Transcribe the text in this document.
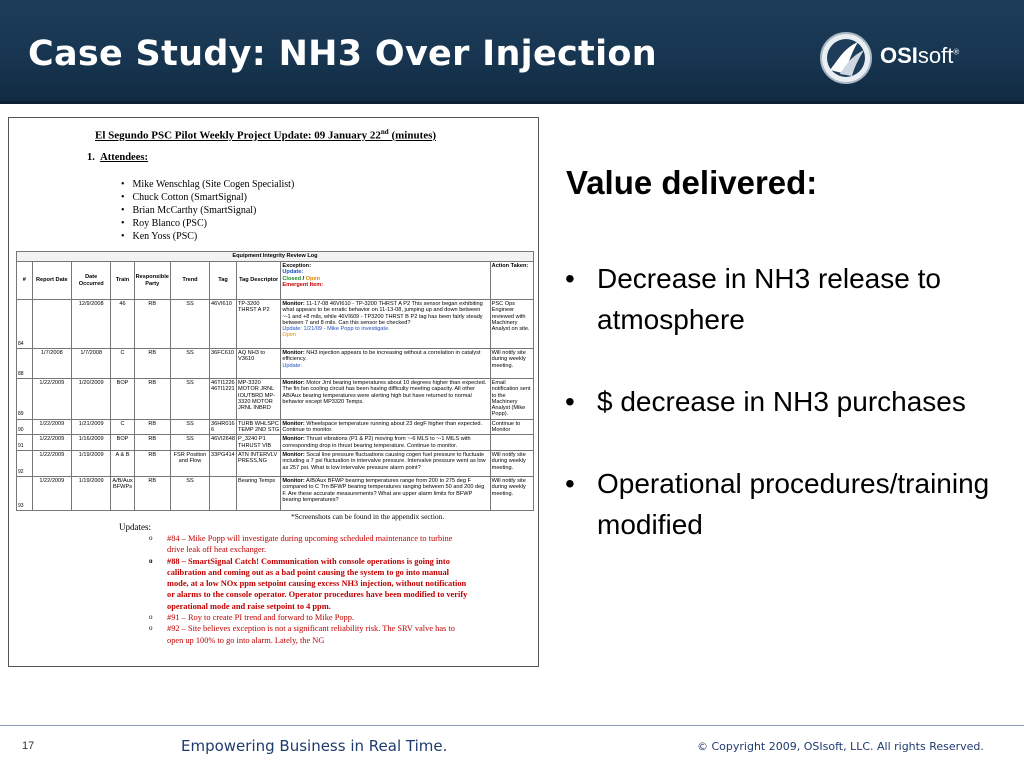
Case Study: NH3 Over Injection	OSIsoft®
El Segundo PSC Pilot Weekly Project Update: 09 January 22nd (minutes)
1. Attendees:
• Mike Wenschlag (Site Cogen Specialist)
• Chuck Cotton (SmartSignal)
• Brian McCarthy (SmartSignal)
• Roy Blanco (PSC)
• Ken Yoss (PSC)
Equipment Integrity Review Log									
#	Report Date	Date Occurred	Train	Responsible Party	Trend	Tag	Tag Descriptor	Exception:
Update:
Closed / Open
Emergent Item:	Action Taken:
84		12/9/2008	46	RB	SS	46VI610	TP-3200 THRST A P2	Monitor: 11-17-08 46VI610 - TP-3200 THRST A P2 This sensor began exhibiting what appears to be erratic behavior on 11-13-08, jumping up and down between ~-1 and +8 mils, while 46VI609 - TP3200 THRST B P2 tag has been fairly steady between 7 and 8 mils. Can this sensor be checked?
Update: 1/21/09 - Mike Popp to investigate.
Open	PSC Ops Engineer reviewed with Machinery Analyst on site.
88	1/7/2008	1/7/2008	C	RB	SS	36FC610	AQ NH3 to V3610	Monitor: NH3 injection appears to be increasing without a correlation in catalyst efficiency.
Update:	Will notify site during weekly meeting.
89	1/22/2009	1/20/2009	BOP	RB	SS	46TI1226 46TI1221	MP-3320 MOTOR JRNL IOUTBRD MP-3320 MOTOR JRNL INBRD	Monitor: Motor Jrnl bearing temperatures about 10 degrees higher than expected. The fin fan cooling circuit has been having difficulty meeting capacity. All other AB/Aux bearing temperatures were alerting high but have returned to normal behavior except MP3320 Temps.	Email notification sent to the Machinery Analyst (Mike Popp).
90	1/22/2009	1/21/2009	C	RB	SS	36HR016 6	TURB WHLSPC TEMP 2ND STG	Monitor: Wheelspace temperature running about 23 degF higher than expected. Continue to monitor.	Continue to Monitor
91	1/22/2009	1/16/2009	BOP	RB	SS	46VI2648	P_3240 P1 THRUST VIB	Monitor: Thrust vibrations (P1 & P2) moving from ~-6 MLS to ~-1 MILS with corresponding drop in thrust bearing temperature. Continue to monitor.	
92	1/22/2009	1/19/2009	A & B	RB	FSR Position and Flow	33PG414	ATN INTERVLV PRESS,NG	Monitor: Socal line pressure fluctuations causing cogen fuel pressure to fluctuate including a 7 psi fluctuation in intervalve pressure. Intervalve pressure went as low as 257 psi. What is low intervalve pressure alarm point?	Will notify site during weekly meeting.
93	1/22/2009	1/19/2009	A/B/Aux BFWPs	RB	SS		Bearing Temps	Monitor: A/B/Aux BFWP bearing temperatures range from 200 to 275 deg F compared to C Trn BFWP bearing temperatures ranging between 50 and 200 deg F. Are these accurate measurements? What are upper alarm limits for BFWP bearing temperatures?	Will notify site during weekly meeting.
*Screenshots can be found in the appendix section.
Updates:
o #84 – Mike Popp will investigate during upcoming scheduled maintenance to turbine drive leak off heat exchanger.
o #88 – SmartSignal Catch! Communication with console operations is going into calibration and coming out as a bad point causing the system to go into manual mode, at a low NOx ppm setpoint causing excess NH3 injection, without notification or alarms to the console operator. Operator procedures have been modified to verify operational mode and raise setpoint to 4 ppm.
o #91 – Roy to create PI trend and forward to Mike Popp.
o #92 – Site believes exception is not a significant reliability risk. The SRV valve has to open up 100% to go into alarm. Lately, the NG
Value delivered:
• Decrease in NH3 release to atmosphere
• $ decrease in NH3 purchases
• Operational procedures/training modified
17	Empowering Business in Real Time.	© Copyright 2009, OSIsoft, LLC. All rights Reserved.
